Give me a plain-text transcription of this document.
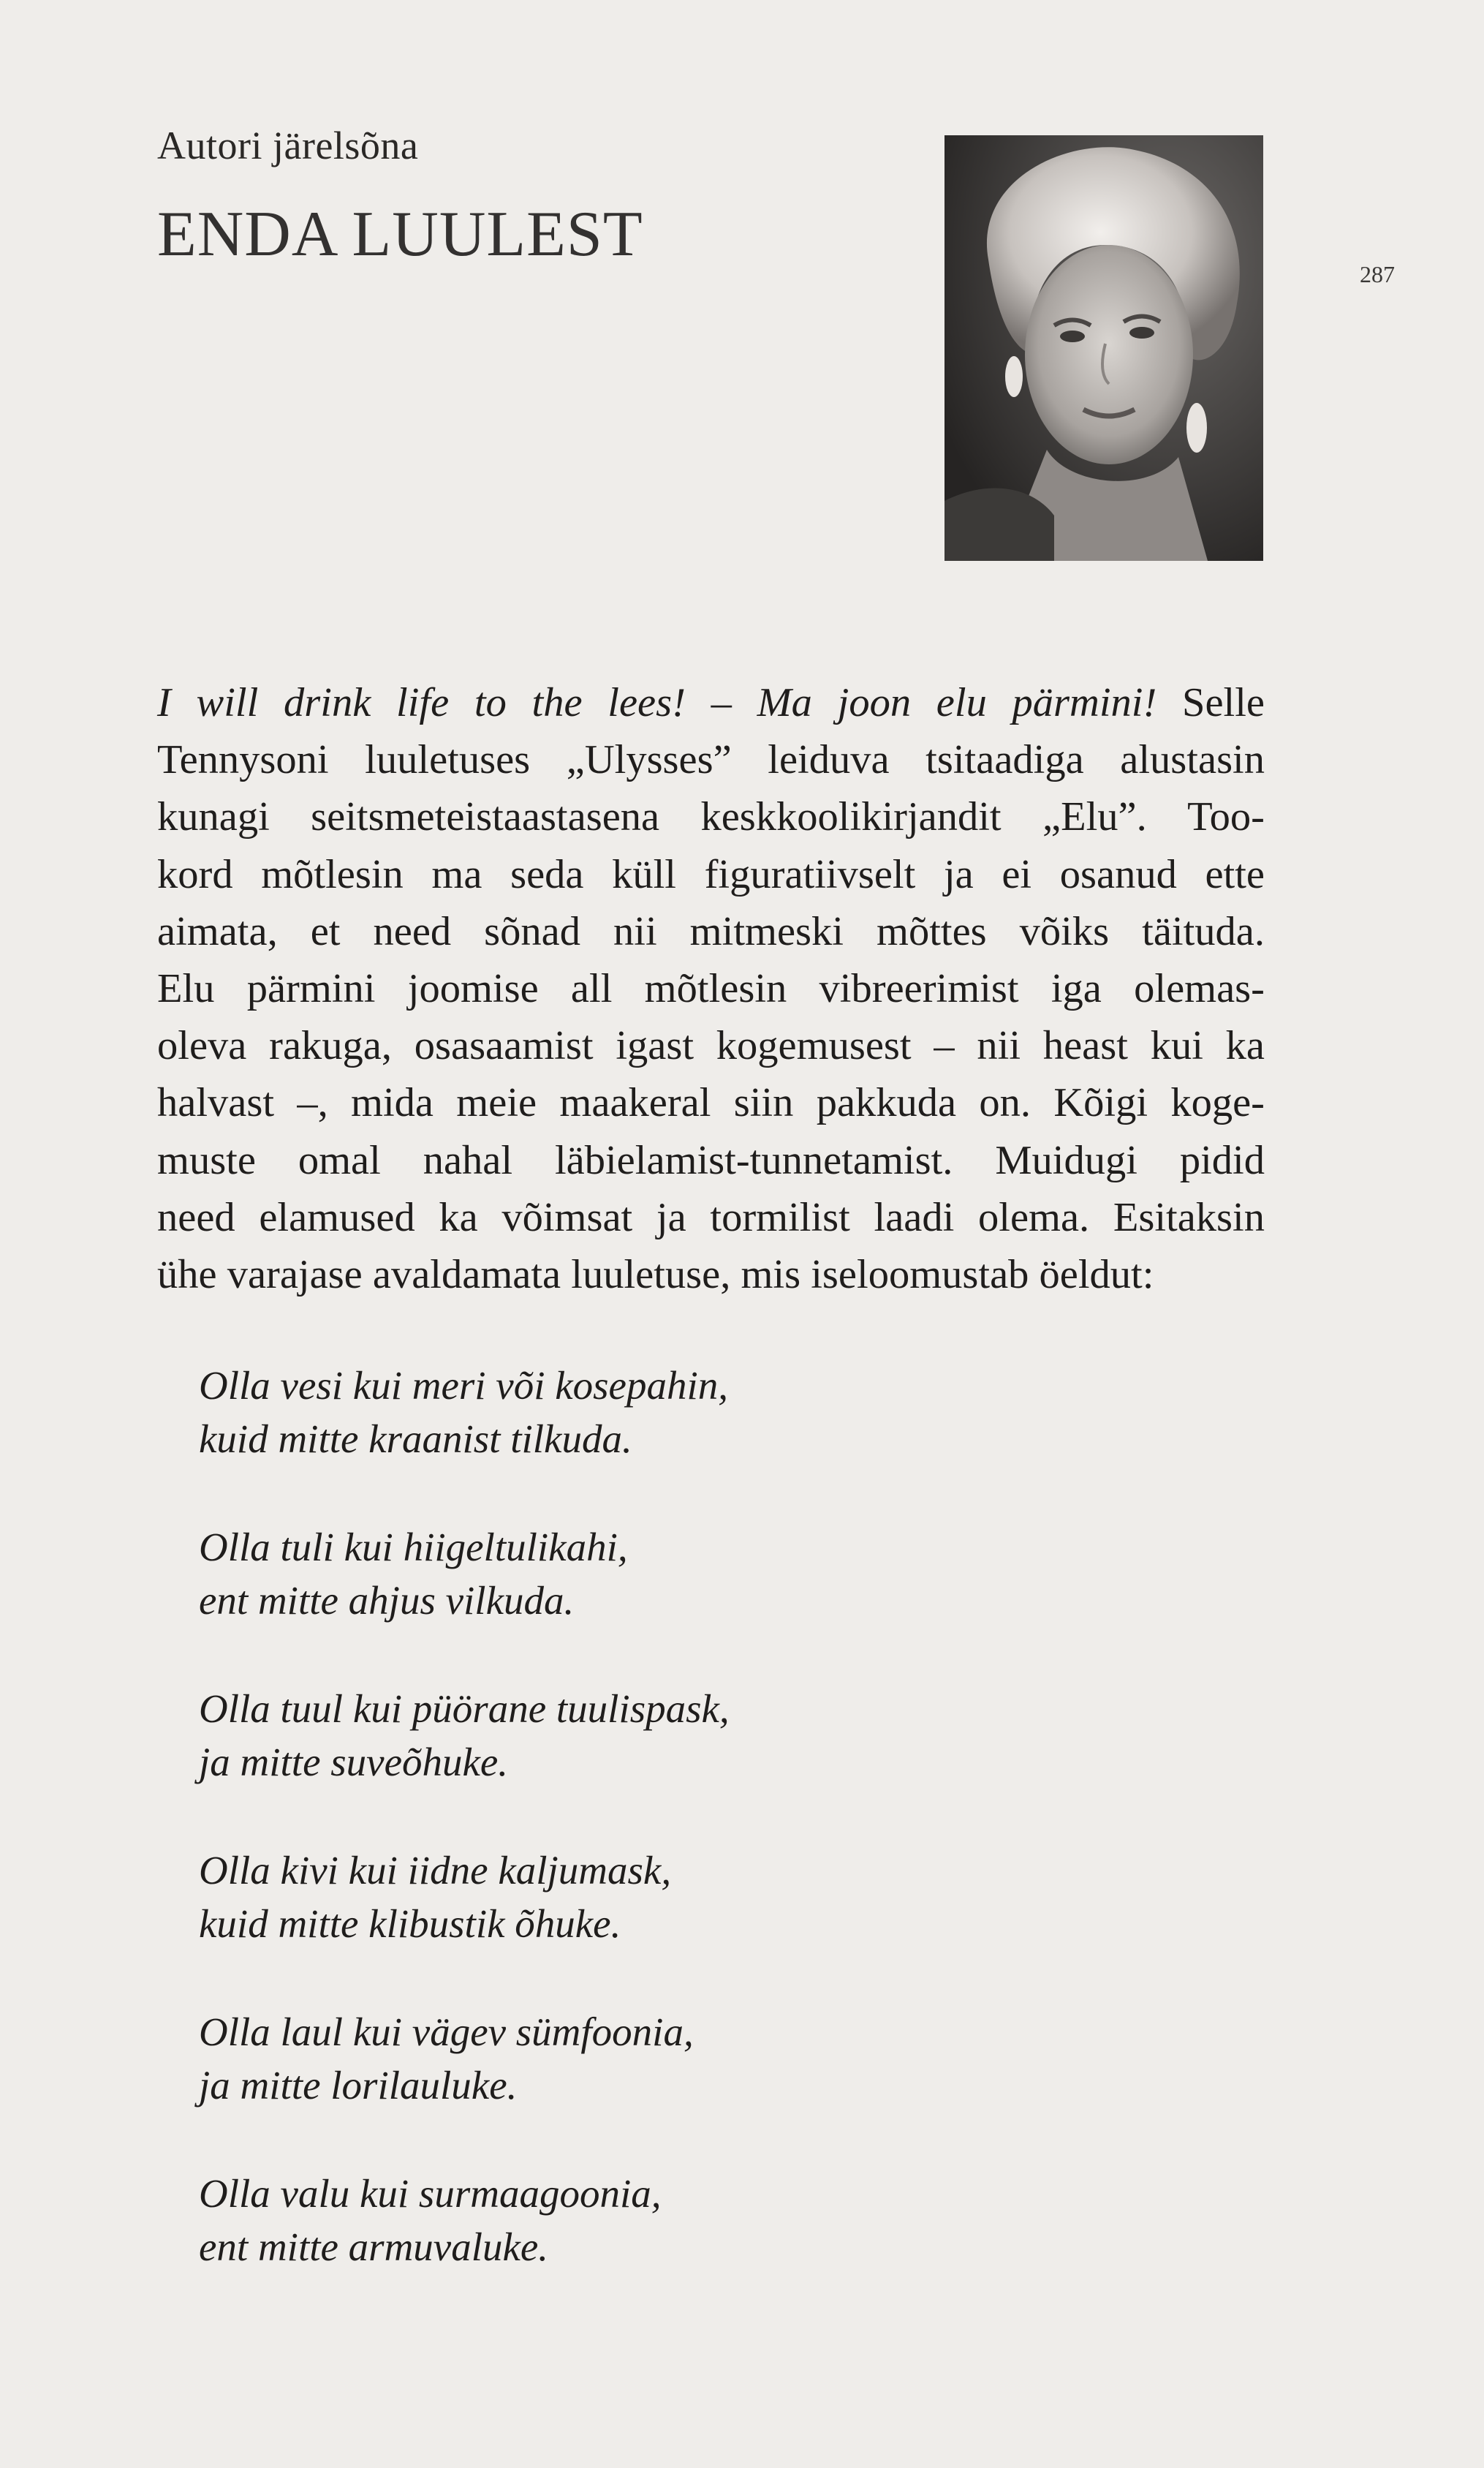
Autori järelsõna
ENDA LUULEST
287
I will drink life to the lees! – Ma joon elu pärmini! Selle
Tennysoni luuletuses „Ulysses” leiduva tsitaadiga alustasin
kunagi seitsmeteistaastasena keskkoolikirjandit „Elu”. Too-
kord mõtlesin ma seda küll figuratiivselt ja ei osanud ette
aimata, et need sõnad nii mitmeski mõttes võiks täituda.
Elu pärmini joomise all mõtlesin vibreerimist iga olemas-
oleva rakuga, osasaamist igast kogemusest – nii heast kui ka
halvast –, mida meie maakeral siin pakkuda on. Kõigi koge-
muste omal nahal läbielamist-tunnetamist. Muidugi pidid
need elamused ka võimsat ja tormilist laadi olema. Esitaksin
ühe varajase avaldamata luuletuse, mis iseloomustab öeldut:
Olla vesi kui meri või kosepahin,
kuid mitte kraanist tilkuda.
Olla tuli kui hiigeltulikahi,
ent mitte ahjus vilkuda.
Olla tuul kui püörane tuulispask,
ja mitte suveõhuke.
Olla kivi kui iidne kaljumask,
kuid mitte klibustik õhuke.
Olla laul kui vägev sümfoonia,
ja mitte lorilauluke.
Olla valu kui surmaagoonia,
ent mitte armuvaluke.
